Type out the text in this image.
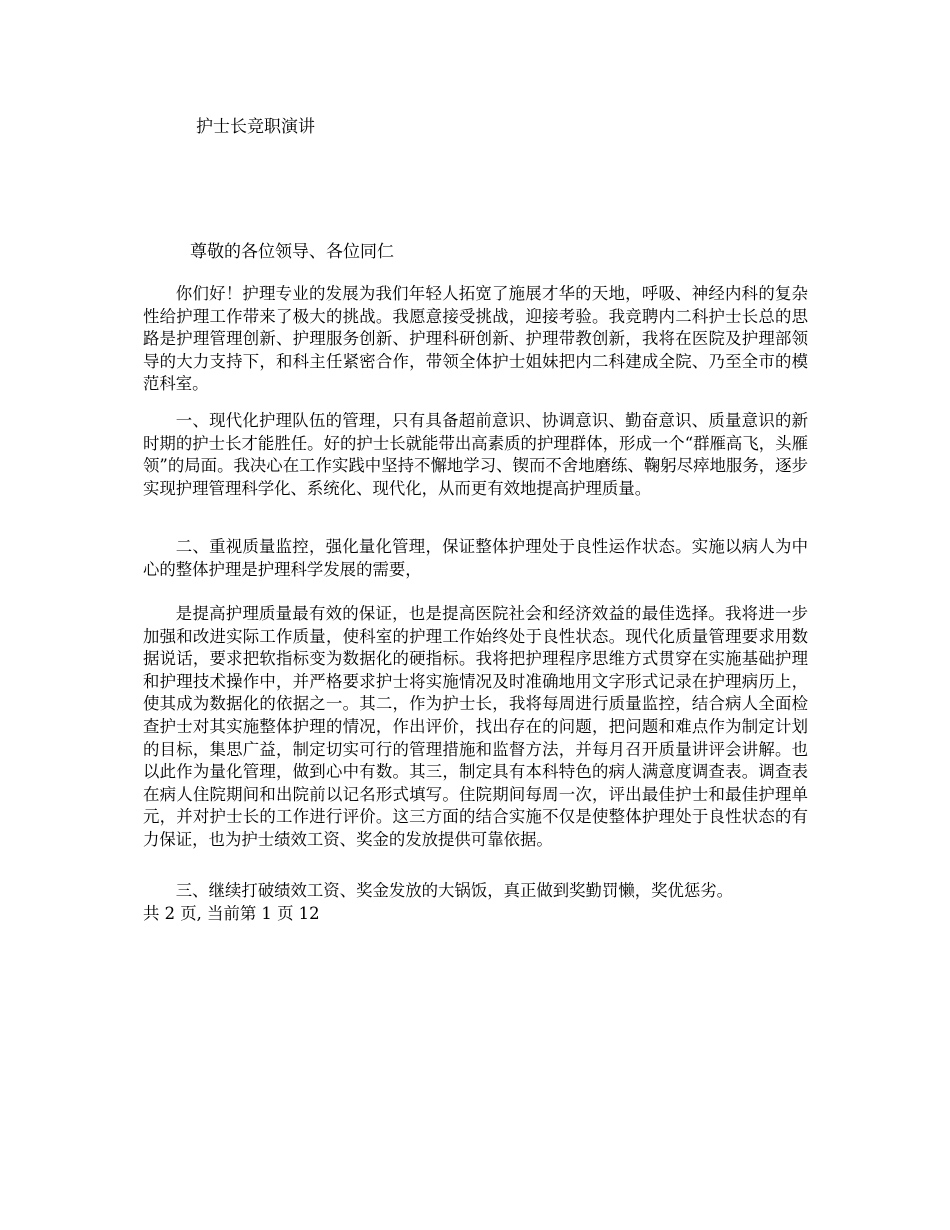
护士长竞职演讲
尊敬的各位领导、各位同仁

你们好！护理专业的发展为我们年轻人拓宽了施展才华的天地，呼吸、神经内科的复杂性给护理工作带来了极大的挑战。我愿意接受挑战，迎接考验。我竞聘内二科护士长总的思路是护理管理创新、护理服务创新、护理科研创新、护理带教创新，我将在医院及护理部领导的大力支持下，和科主任紧密合作，带领全体护士姐妹把内二科建成全院、乃至全市的模范科室。

一、现代化护理队伍的管理，只有具备超前意识、协调意识、勤奋意识、质量意识的新时期的护士长才能胜任。好的护士长就能带出高素质的护理群体，形成一个“群雁高飞，头雁领”的局面。我决心在工作实践中坚持不懈地学习、锲而不舍地磨练、鞠躬尽瘁地服务，逐步实现护理管理科学化、系统化、现代化，从而更有效地提高护理质量。

二、重视质量监控，强化量化管理，保证整体护理处于良性运作状态。实施以病人为中心的整体护理是护理科学发展的需要，

是提高护理质量最有效的保证，也是提高医院社会和经济效益的最佳选择。我将进一步加强和改进实际工作质量，使科室的护理工作始终处于良性状态。现代化质量管理要求用数据说话，要求把软指标变为数据化的硬指标。我将把护理程序思维方式贯穿在实施基础护理和护理技术操作中，并严格要求护士将实施情况及时准确地用文字形式记录在护理病历上，使其成为数据化的依据之一。其二，作为护士长，我将每周进行质量监控，结合病人全面检查护士对其实施整体护理的情况，作出评价，找出存在的问题，把问题和难点作为制定计划的目标，集思广益，制定切实可行的管理措施和监督方法，并每月召开质量讲评会讲解。也以此作为量化管理，做到心中有数。其三，制定具有本科特色的病人满意度调查表。调查表在病人住院期间和出院前以记名形式填写。住院期间每周一次，评出最佳护士和最佳护理单元，并对护士长的工作进行评价。这三方面的结合实施不仅是使整体护理处于良性状态的有力保证，也为护士绩效工资、奖金的发放提供可靠依据。

三、继续打破绩效工资、奖金发放的大锅饭，真正做到奖勤罚懒，奖优惩劣。

共 2 页, 当前第 1 页 12
